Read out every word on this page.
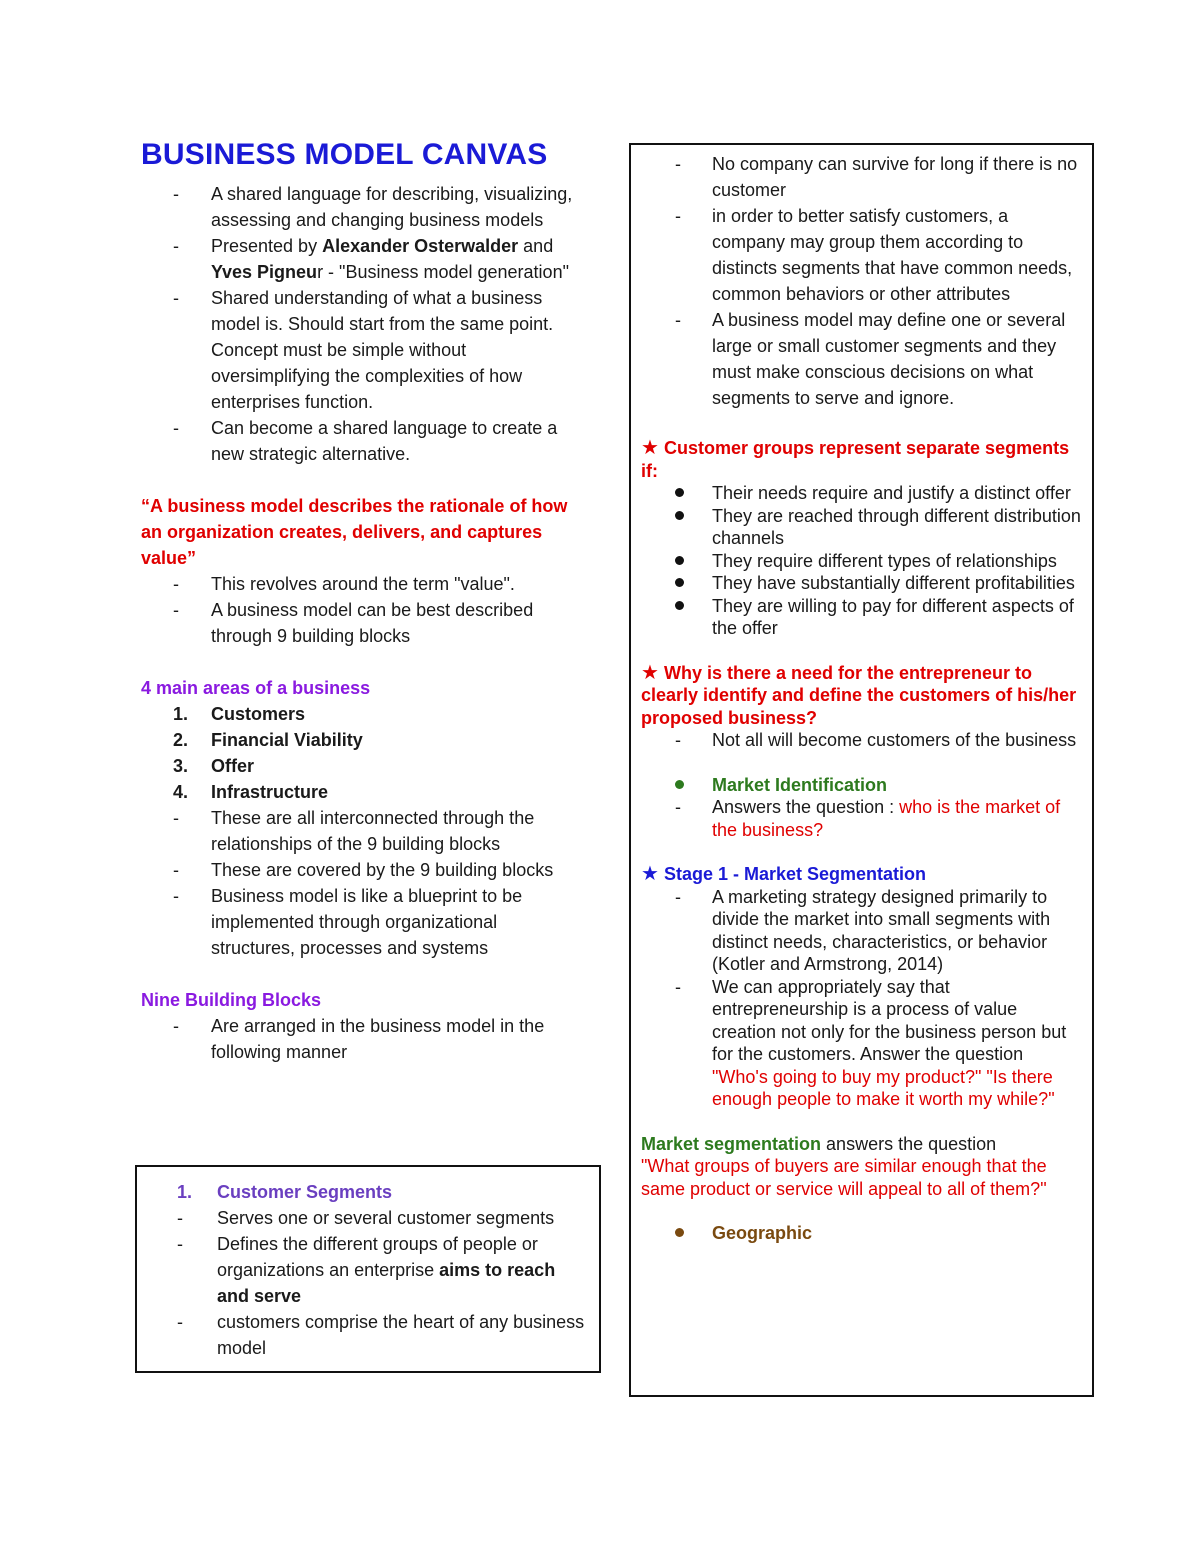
BUSINESS MODEL CANVAS
-	A shared language for describing, visualizing, assessing and changing business models
-	Presented by Alexander Osterwalder and Yves Pigneur - "Business model generation"
-	Shared understanding of what a business model is. Should start from the same point. Concept must be simple without oversimplifying the complexities of how enterprises function.
-	Can become a shared language to create a new strategic alternative.
“A business model describes the rationale of how an organization creates, delivers, and captures value”
-	This revolves around the term "value".
-	A business model can be best described through 9 building blocks
4 main areas of a business
1.	Customers
2.	Financial Viability
3.	Offer
4.	Infrastructure
-	These are all interconnected through the relationships of the 9 building blocks
-	These are covered by the 9 building blocks
-	Business model is like a blueprint to be implemented through organizational structures, processes and systems
Nine Building Blocks
-	Are arranged in the business model in the following manner
1.	Customer Segments
-	Serves one or several customer segments
-	Defines the different groups of people or organizations an enterprise aims to reach and serve
-	customers comprise the heart of any business model
-	No company can survive for long if there is no customer
-	in order to better satisfy customers, a company may group them according to distincts segments that have common needs, common behaviors or other attributes
-	A business model may define one or several large or small customer segments and they must make conscious decisions on what segments to serve and ignore.
★ Customer groups represent separate segments if:
Their needs require and justify a distinct offer
They are reached through different distribution channels
They require different types of relationships
They have substantially different profitabilities
They are willing to pay for different aspects of the offer
★ Why is there a need for the entrepreneur to clearly identify and define the customers of his/her proposed business?
-	Not all will become customers of the business
Market Identification
-	Answers the question : who is the market of the business?
★ Stage 1 - Market Segmentation
-	A marketing strategy designed primarily to divide the market into small segments with distinct needs, characteristics, or behavior (Kotler and Armstrong, 2014)
-	We can appropriately say that entrepreneurship is a process of value creation not only for the business person but for the customers. Answer the question "Who's going to buy my product?" "Is there enough people to make it worth my while?"
Market segmentation answers the question
"What groups of buyers are similar enough that the same product or service will appeal to all of them?"
Geographic
